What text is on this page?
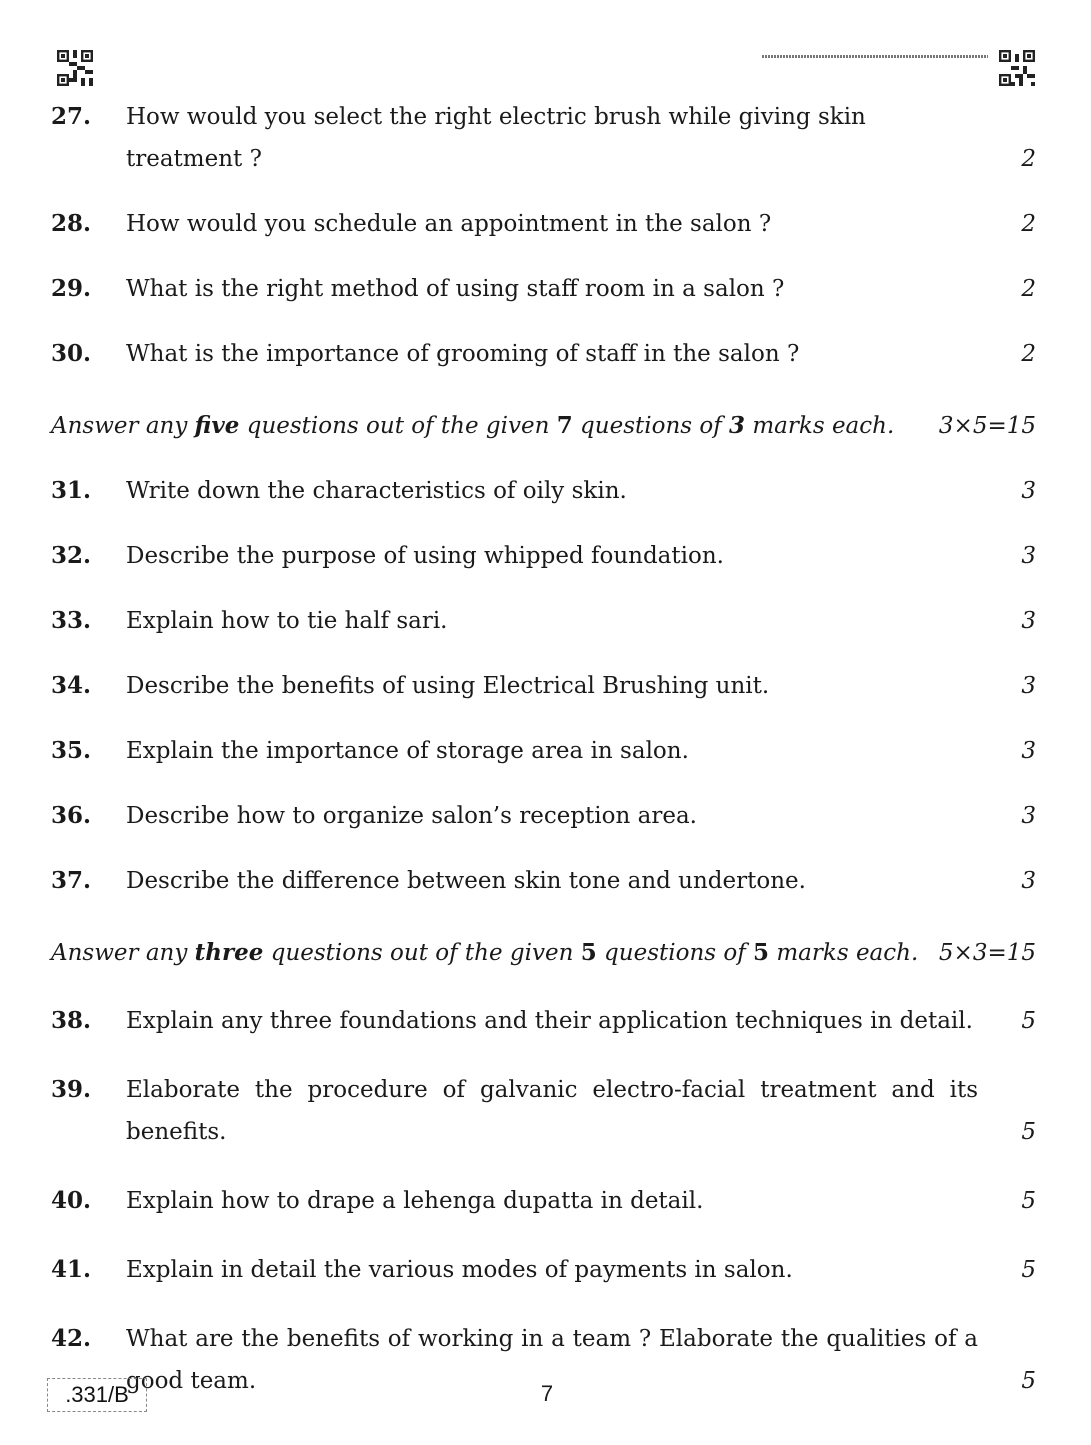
27.	How would you select the right electric brush while giving skin treatment ?	2
28.	How would you schedule an appointment in the salon ?	2
29.	What is the right method of using staff room in a salon ?	2
30.	What is the importance of grooming of staff in the salon ?	2
Answer any five questions out of the given 7 questions of 3 marks each. 3×5=15
31.	Write down the characteristics of oily skin.	3
32.	Describe the purpose of using whipped foundation.	3
33.	Explain how to tie half sari.	3
34.	Describe the benefits of using Electrical Brushing unit.	3
35.	Explain the importance of storage area in salon.	3
36.	Describe how to organize salon’s reception area.	3
37.	Describe the difference between skin tone and undertone.	3
Answer any three questions out of the given 5 questions of 5 marks each. 5×3=15
38.	Explain any three foundations and their application techniques in detail.	5
39.	Elaborate the procedure of galvanic electro-facial treatment and its benefits.	5
40.	Explain how to drape a lehenga dupatta in detail.	5
41.	Explain in detail the various modes of payments in salon.	5
42.	What are the benefits of working in a team ? Elaborate the qualities of a good team.	5
.331/B	7
